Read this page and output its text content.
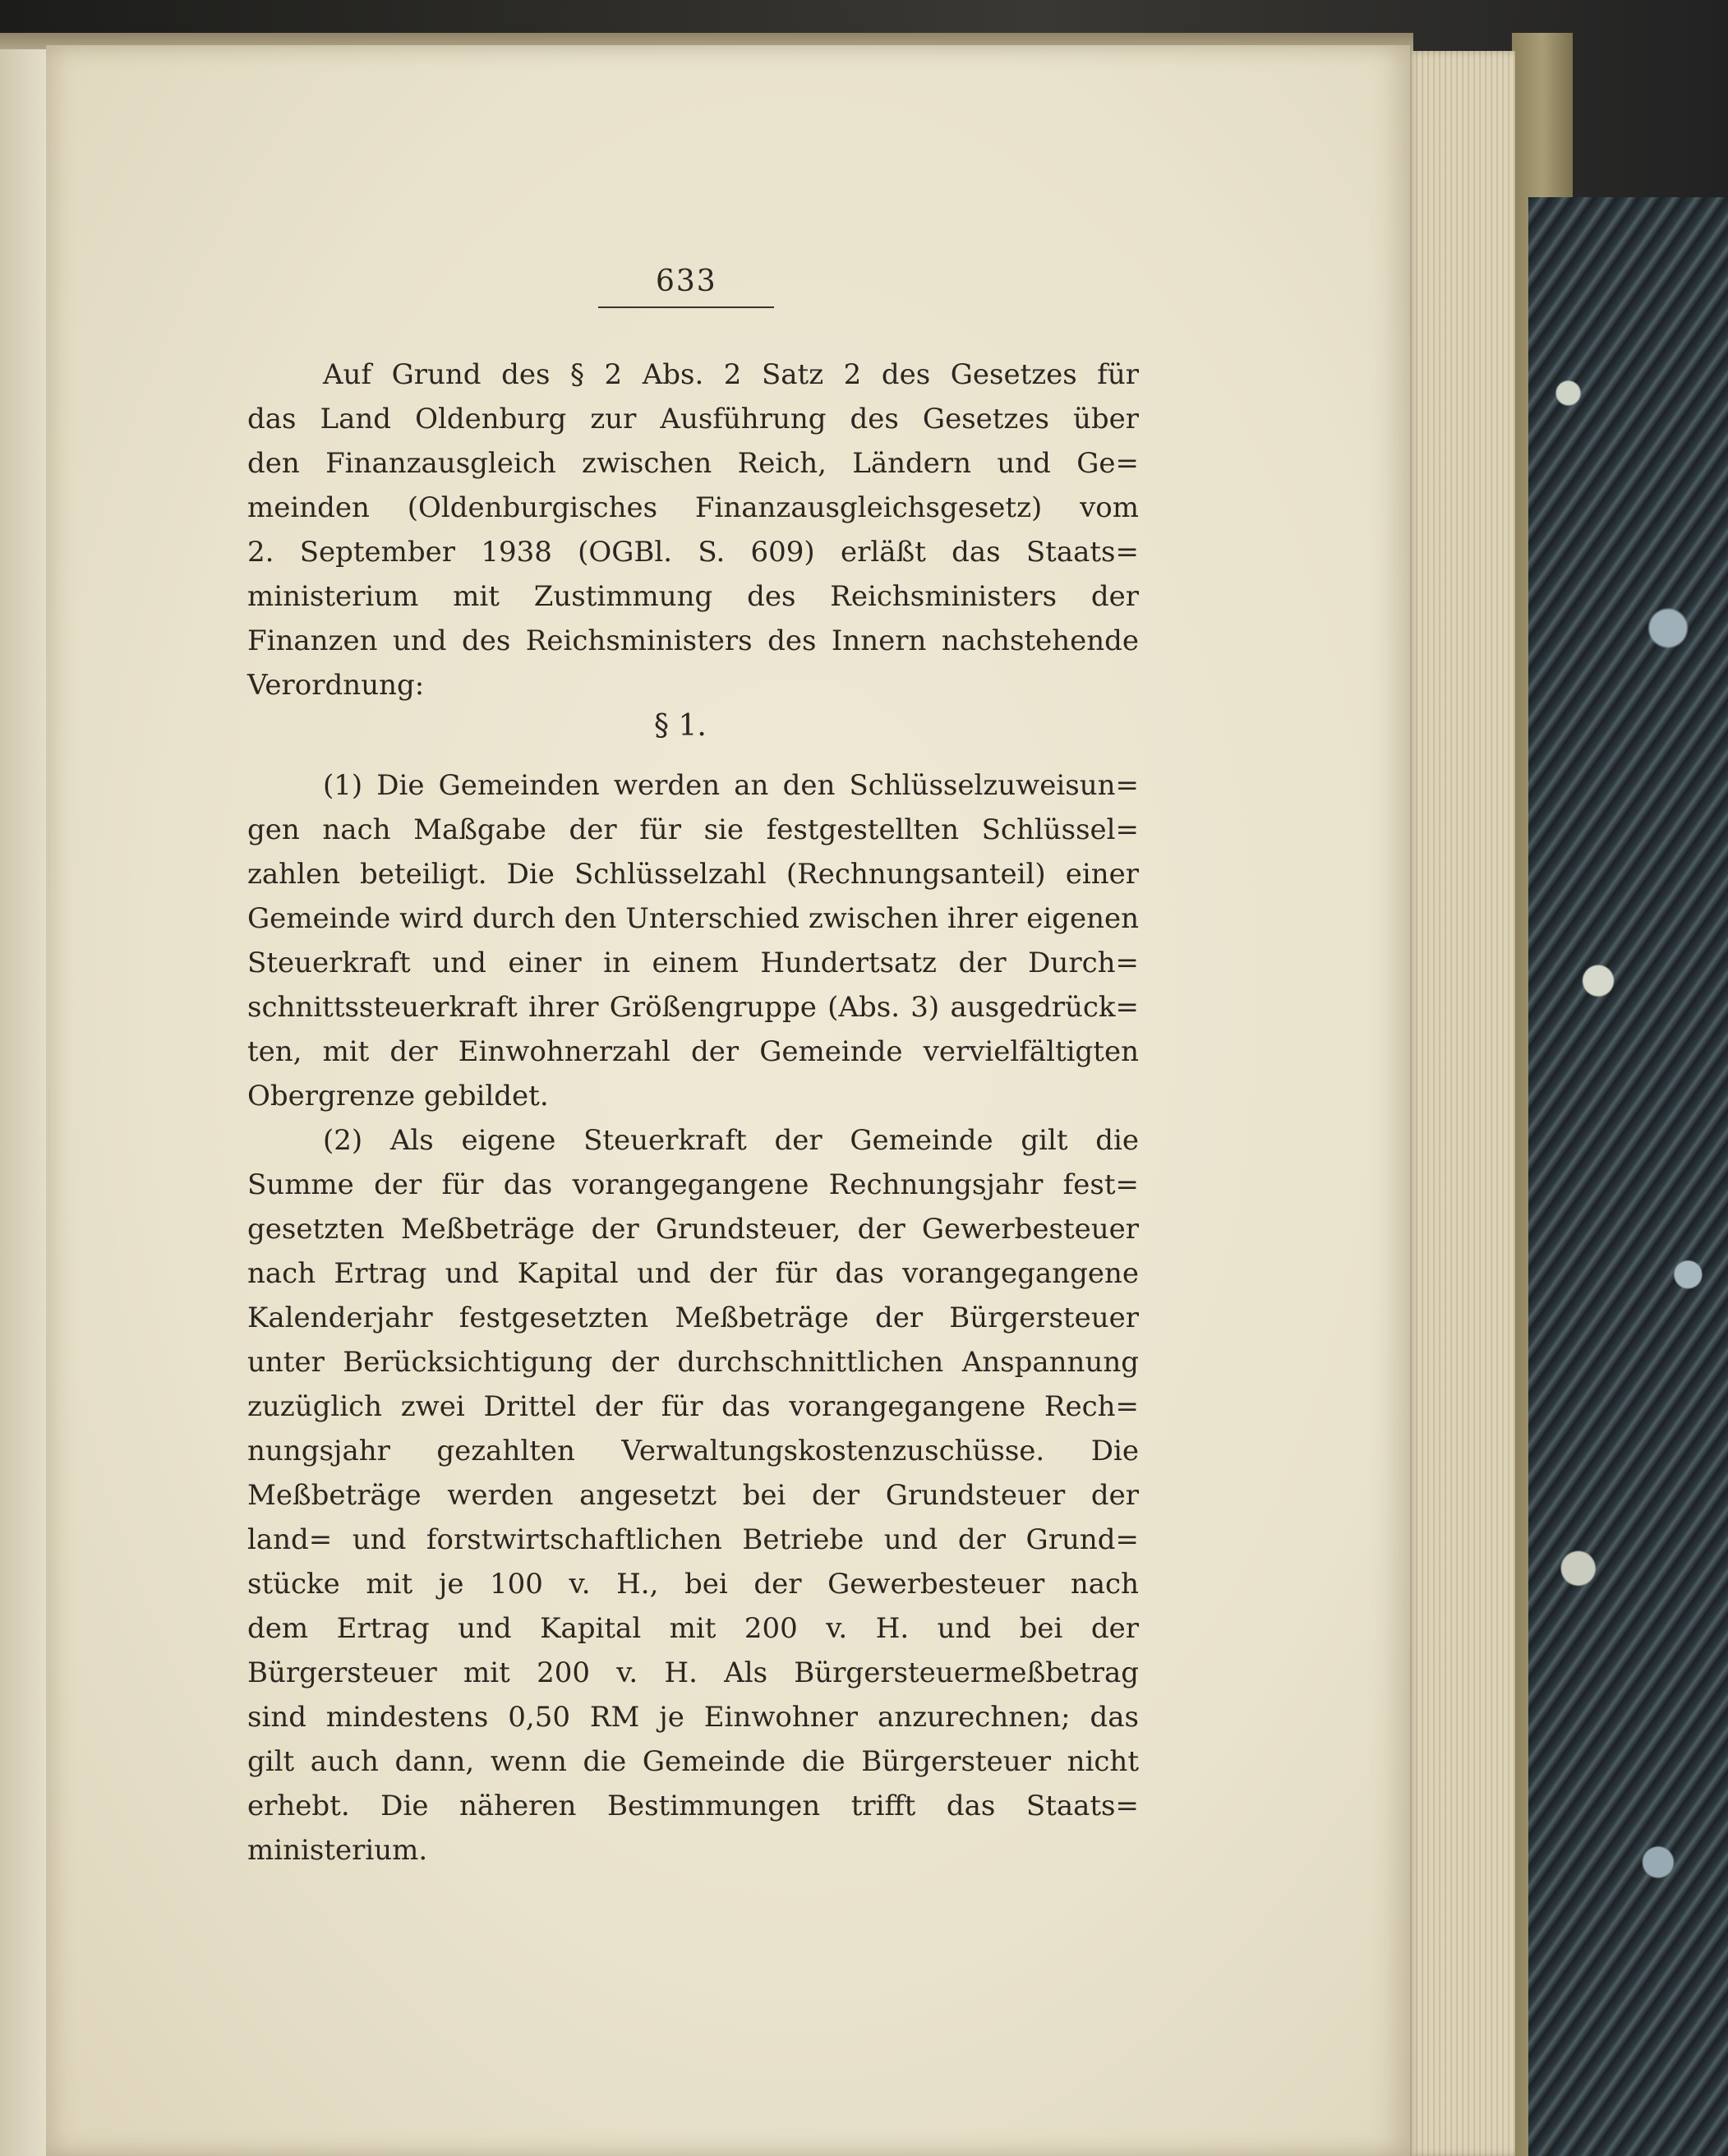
633
Auf Grund des § 2 Abs. 2 Satz 2 des Gesetzes für
das Land Oldenburg zur Ausführung des Gesetzes über
den Finanzausgleich zwischen Reich, Ländern und Ge=
meinden (Oldenburgisches Finanzausgleichsgesetz) vom
2. September 1938 (OGBl. S. 609) erläßt das Staats=
ministerium mit Zustimmung des Reichsministers der
Finanzen und des Reichsministers des Innern nachstehende
Verordnung:
§ 1.
(1) Die Gemeinden werden an den Schlüsselzuweisun=
gen nach Maßgabe der für sie festgestellten Schlüssel=
zahlen beteiligt. Die Schlüsselzahl (Rechnungsanteil) einer
Gemeinde wird durch den Unterschied zwischen ihrer eigenen
Steuerkraft und einer in einem Hundertsatz der Durch=
schnittssteuerkraft ihrer Größengruppe (Abs. 3) ausgedrück=
ten, mit der Einwohnerzahl der Gemeinde vervielfältigten
Obergrenze gebildet.
(2) Als eigene Steuerkraft der Gemeinde gilt die
Summe der für das vorangegangene Rechnungsjahr fest=
gesetzten Meßbeträge der Grundsteuer, der Gewerbesteuer
nach Ertrag und Kapital und der für das vorangegangene
Kalenderjahr festgesetzten Meßbeträge der Bürgersteuer
unter Berücksichtigung der durchschnittlichen Anspannung
zuzüglich zwei Drittel der für das vorangegangene Rech=
nungsjahr gezahlten Verwaltungskostenzuschüsse. Die
Meßbeträge werden angesetzt bei der Grundsteuer der
land= und forstwirtschaftlichen Betriebe und der Grund=
stücke mit je 100 v. H., bei der Gewerbesteuer nach
dem Ertrag und Kapital mit 200 v. H. und bei der
Bürgersteuer mit 200 v. H. Als Bürgersteuermeßbetrag
sind mindestens 0,50 RM je Einwohner anzurechnen; das
gilt auch dann, wenn die Gemeinde die Bürgersteuer nicht
erhebt. Die näheren Bestimmungen trifft das Staats=
ministerium.
